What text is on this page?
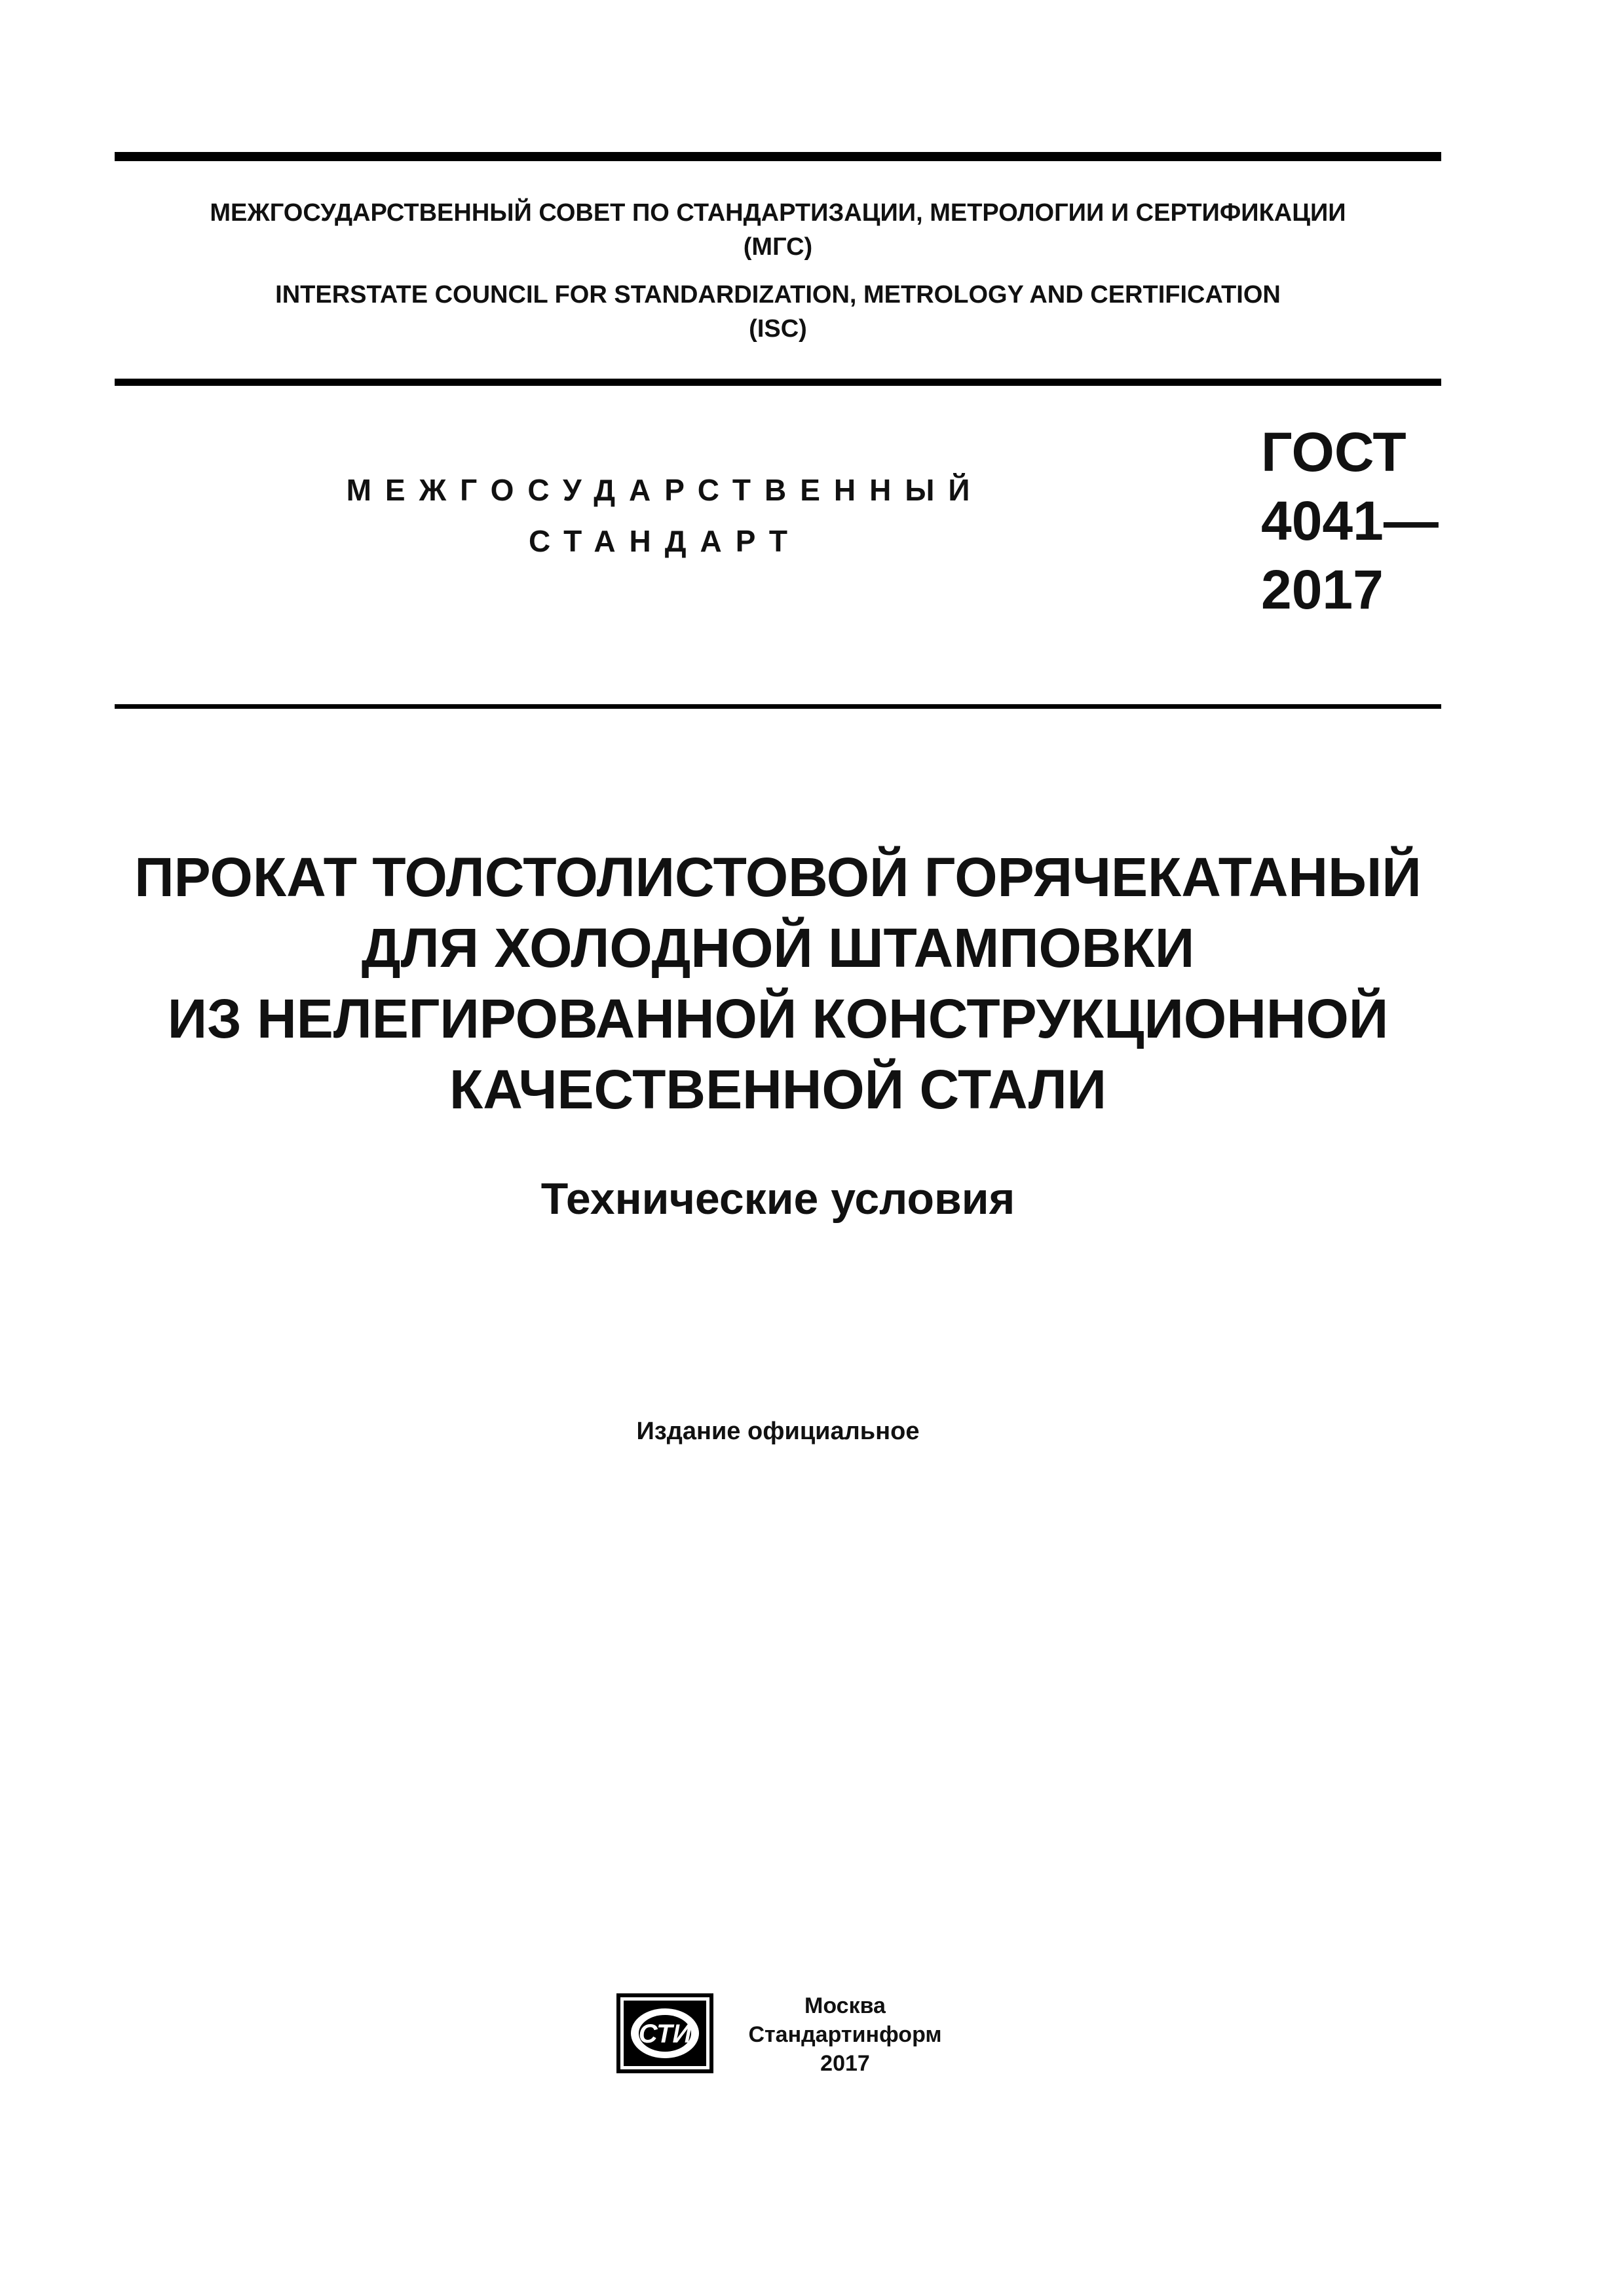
МЕЖГОСУДАРСТВЕННЫЙ СОВЕТ ПО СТАНДАРТИЗАЦИИ, МЕТРОЛОГИИ И СЕРТИФИКАЦИИ
(МГС)
INTERSTATE COUNCIL FOR STANDARDIZATION, METROLOGY AND CERTIFICATION
(ISC)
МЕЖГОСУДАРСТВЕННЫЙ
СТАНДАРТ
ГОСТ
4041—
2017
ПРОКАТ ТОЛСТОЛИСТОВОЙ ГОРЯЧЕКАТАНЫЙ
ДЛЯ ХОЛОДНОЙ ШТАМПОВКИ
ИЗ НЕЛЕГИРОВАННОЙ КОНСТРУКЦИОННОЙ
КАЧЕСТВЕННОЙ СТАЛИ
Технические условия
Издание официальное
СТИ
Москва
Стандартинформ
2017
